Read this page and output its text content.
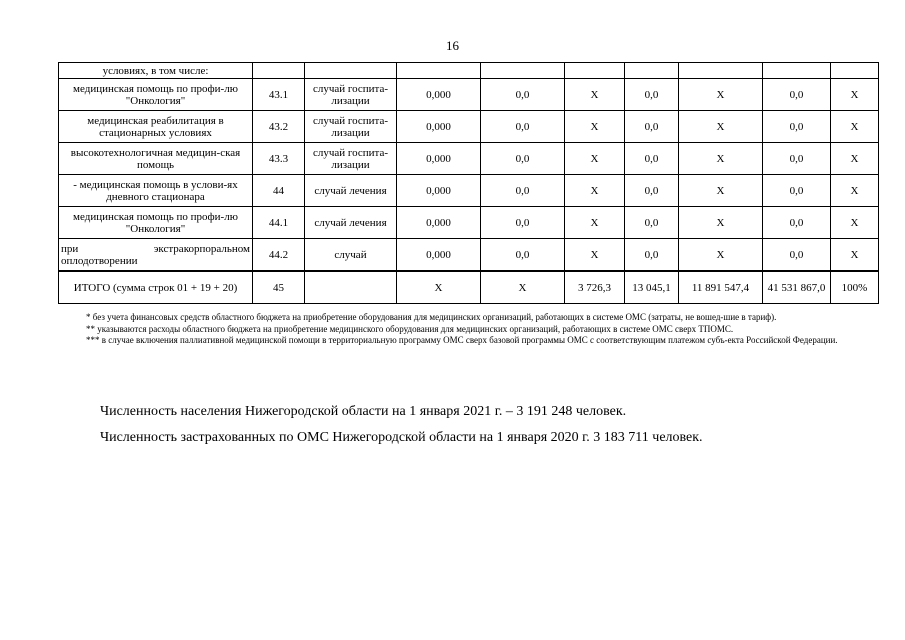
16
условиях, в том числе:									
медицинская помощь по профи-лю "Онкология"	43.1	случай госпита-лизации	0,000	0,0	X	0,0	X	0,0	X
медицинская реабилитация в стационарных условиях	43.2	случай госпита-лизации	0,000	0,0	X	0,0	X	0,0	X
высокотехнологичная медицин-ская помощь	43.3	случай госпита-лизации	0,000	0,0	X	0,0	X	0,0	X
- медицинская помощь в услови-ях дневного стационара	44	случай лечения	0,000	0,0	X	0,0	X	0,0	X
медицинская помощь по профи-лю "Онкология"	44.1	случай лечения	0,000	0,0	X	0,0	X	0,0	X
при экстракорпоральном оплодотворении	44.2	случай	0,000	0,0	X	0,0	X	0,0	X
ИТОГО (сумма строк 01 + 19 + 20)	45		X	X	3 726,3	13 045,1	11 891 547,4	41 531 867,0	100%

* без учета финансовых средств областного бюджета на приобретение оборудования для медицинских организаций, работающих в системе ОМС (затраты, не вошед-шие в тариф).

** указываются расходы областного бюджета на приобретение медицинского оборудования для медицинских организаций, работающих в системе ОМС сверх ТПОМС.

*** в случае включения паллиативной медицинской помощи в территориальную программу ОМС сверх базовой программы ОМС с соответствующим платежом субъ-екта Российской Федерации.

Численность населения Нижегородской области на 1 января 2021 г. – 3 191 248 человек.
Численность застрахованных по ОМС Нижегородской области на 1 января 2020 г. 3 183 711 человек.
